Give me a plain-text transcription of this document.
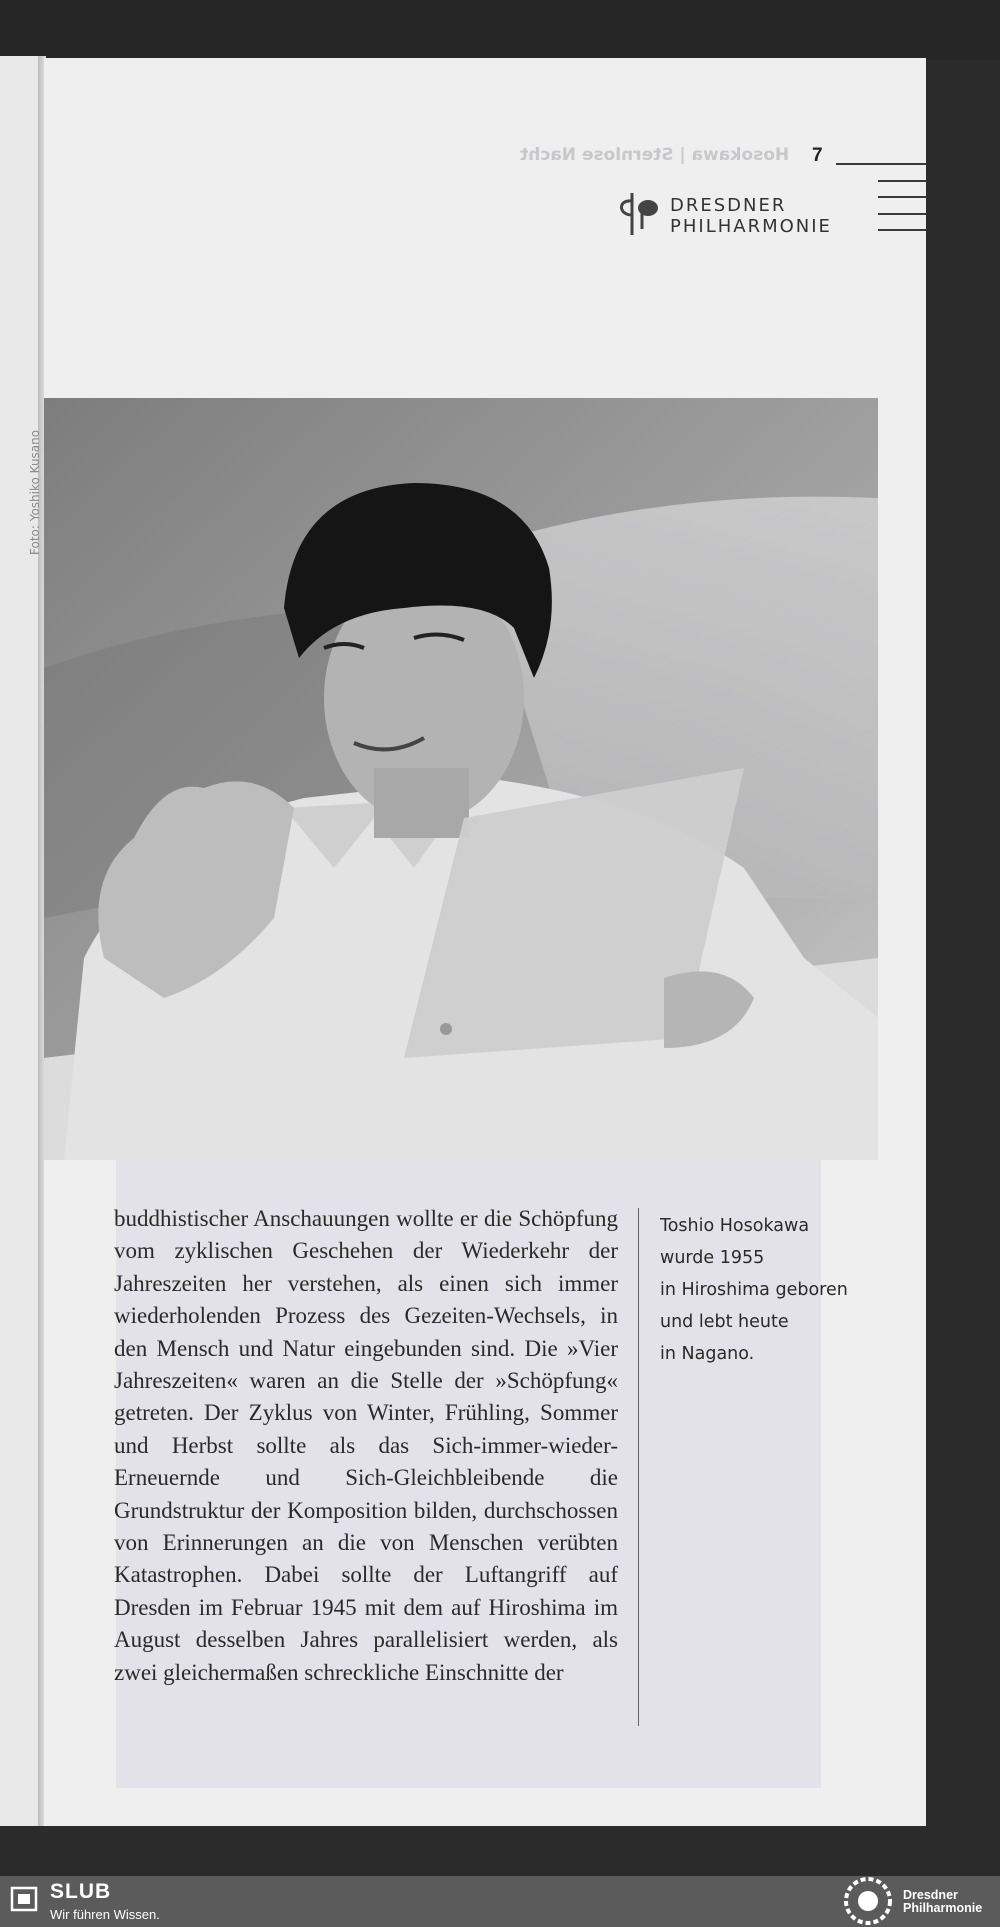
Hosokawa | Sternlose Nacht 7
DRESDNER
PHILHARMONIE
Foto: Yoshiko Kusano
buddhistischer Anschauungen wollte er die Schöpfung vom zyklischen Geschehen der Wiederkehr der Jahreszeiten her verstehen, als einen sich immer wiederholenden Prozess des Gezeiten-Wechsels, in den Mensch und Natur eingebunden sind. Die »Vier Jahreszeiten« waren an die Stelle der »Schöpfung« getreten. Der Zyklus von Winter, Frühling, Sommer und Herbst sollte als das Sich-immer-wieder-Erneuernde und Sich-Gleichbleibende die Grundstruktur der Komposition bilden, durchschossen von Erinnerungen an die von Menschen verübten Katastrophen. Dabei sollte der Luftangriff auf Dresden im Februar 1945 mit dem auf Hiroshima im August desselben Jahres parallelisiert werden, als zwei gleichermaßen schreckliche Einschnitte der
Toshio Hosokawa
wurde 1955
in Hiroshima geboren
und lebt heute
in Nagano.
SLUB
Wir führen Wissen.
Dresdner
Philharmonie
